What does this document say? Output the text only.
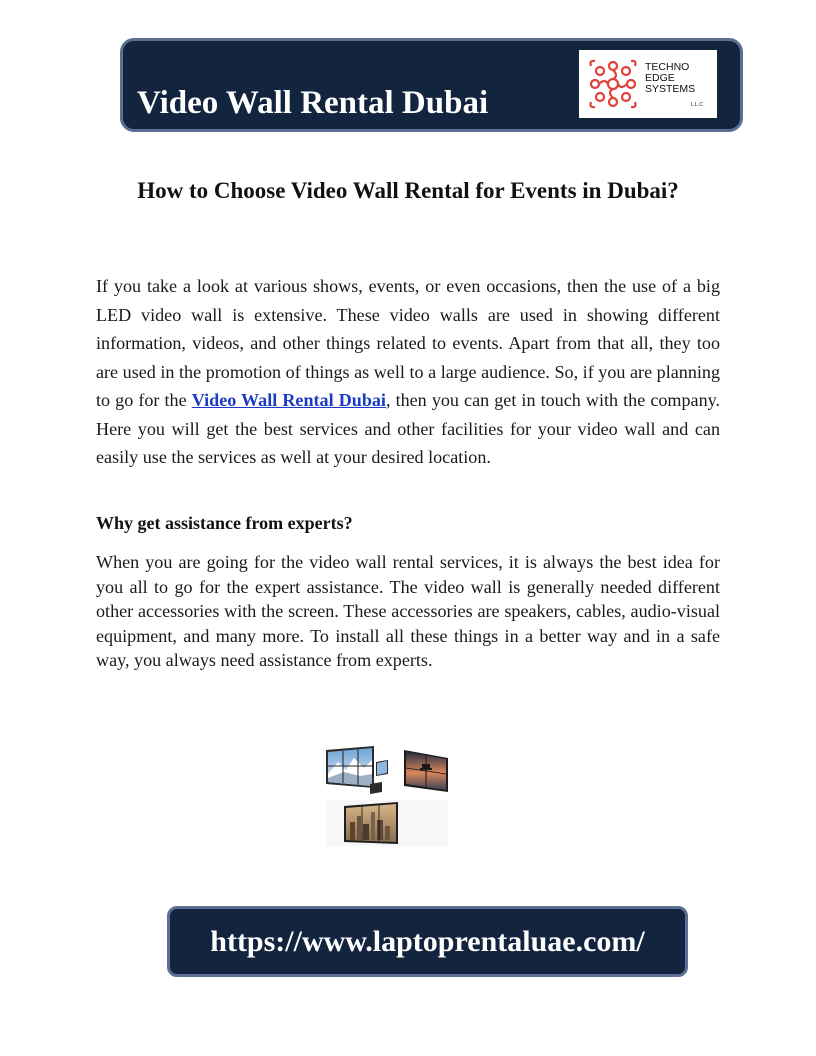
Video Wall Rental Dubai
TECHNO
EDGE
SYSTEMS
L.L.C
How to Choose Video Wall Rental for Events in Dubai?

If you take a look at various shows, events, or even occasions, then the use of a big LED video wall is extensive. These video walls are used in showing different information, videos, and other things related to events. Apart from that all, they too are used in the promotion of things as well to a large audience. So, if you are planning to go for the Video Wall Rental Dubai, then you can get in touch with the company. Here you will get the best services and other facilities for your video wall and can easily use the services as well at your desired location.

Why get assistance from experts?

When you are going for the video wall rental services, it is always the best idea for you all to go for the expert assistance. The video wall is generally needed different other accessories with the screen. These accessories are speakers, cables, audio-visual equipment, and many more. To install all these things in a better way and in a safe way, you always need assistance from experts.

https://www.laptoprentaluae.com/
